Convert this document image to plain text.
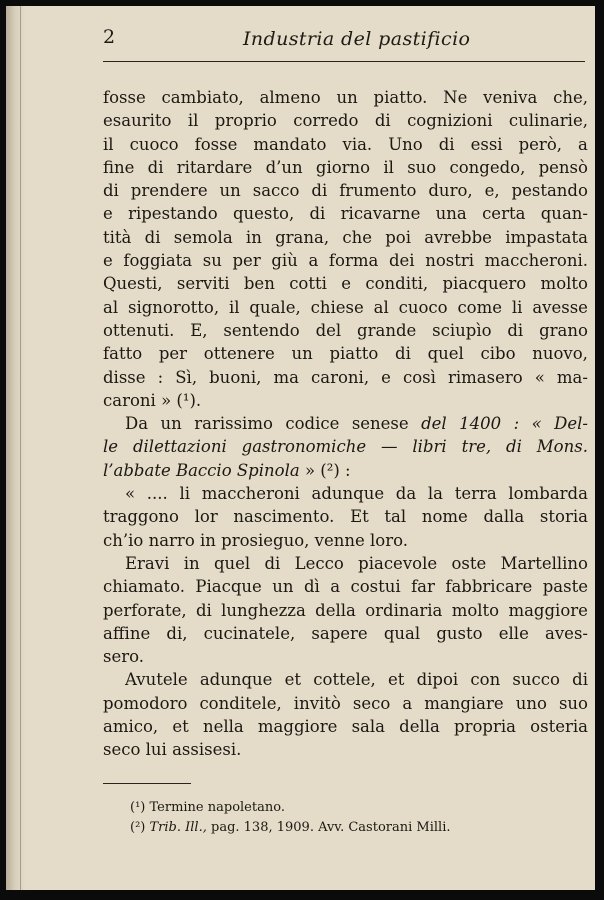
2	Industria del pastificio
fosse cambiato, almeno un piatto. Ne veniva che,
esaurito il proprio corredo di cognizioni culinarie,
il cuoco fosse mandato via. Uno di essi però, a
fine di ritardare d’un giorno il suo congedo, pensò
di prendere un sacco di frumento duro, e, pestando
e ripestando questo, di ricavarne una certa quan-
tità di semola in grana, che poi avrebbe impastata
e foggiata su per giù a forma dei nostri maccheroni.
Questi, serviti ben cotti e conditi, piacquero molto
al signorotto, il quale, chiese al cuoco come li avesse
ottenuti. E, sentendo del grande sciupìo di grano
fatto per ottenere un piatto di quel cibo nuovo,
disse : Sì, buoni, ma caroni, e così rimasero « ma-
caroni » (¹).
Da un rarissimo codice senese del 1400 : « Del-
le dilettazioni gastronomiche — libri tre, di Mons.
l’abbate Baccio Spinola » (²) :
« .... li maccheroni adunque da la terra lombarda
traggono lor nascimento. Et tal nome dalla storia
ch’io narro in prosieguo, venne loro.
Eravi in quel di Lecco piacevole oste Martellino
chiamato. Piacque un dì a costui far fabbricare paste
perforate, di lunghezza della ordinaria molto maggiore
affine di, cucinatele, sapere qual gusto elle aves-
sero.
Avutele adunque et cottele, et dipoi con succo di
pomodoro conditele, invitò seco a mangiare uno suo
amico, et nella maggiore sala della propria osteria
seco lui assisesi.
(¹) Termine napoletano.
(²) Trib. Ill., pag. 138, 1909. Avv. Castorani Milli.
